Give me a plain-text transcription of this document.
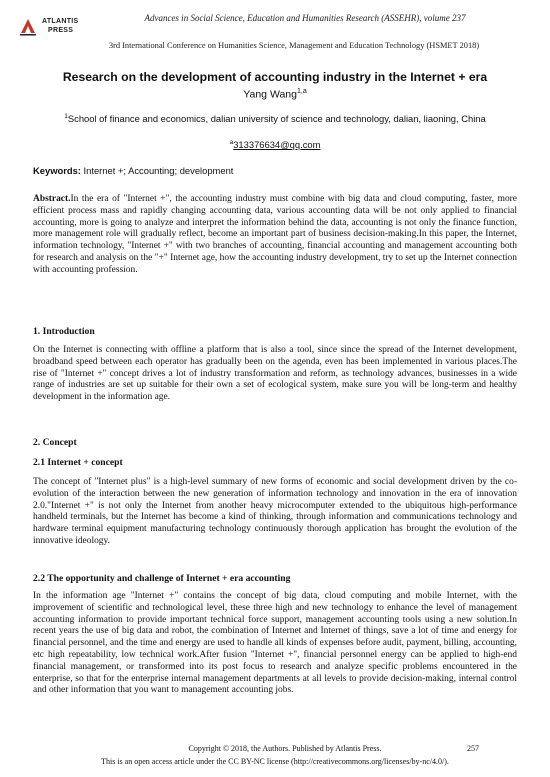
ATLANTIS
PRESS
Advances in Social Science, Education and Humanities Research (ASSEHR), volume 237
3rd International Conference on Humanities Science, Management and Education Technology (HSMET 2018)
Research on the development of accounting industry in the Internet + era
Yang Wang$^{1,a}$
$^1$School of finance and economics, dalian university of science and technology, dalian, liaoning, China
$^a$313376634@qq.com
Keywords: Internet +; Accounting; development
Abstract.In the era of "Internet +", the accounting industry must combine with big data and cloud computing, faster, more efficient process mass and rapidly changing accounting data, various accounting data will be not only applied to financial accounting, more is going to analyze and interpret the information behind the data, accounting is not only the finance function, more management role will gradually reflect, become an important part of business decision-making.In this paper, the Internet, information technology, "Internet +" with two branches of accounting, financial accounting and management accounting both for research and analysis on the "+" Internet age, how the accounting industry development, try to set up the Internet connection with accounting profession.
1. Introduction
On the Internet is connecting with offline a platform that is also a tool, since since the spread of the Internet development, broadband speed between each operator has gradually been on the agenda, even has been implemented in various places.The rise of "Internet +" concept drives a lot of industry transformation and reform, as technology advances, businesses in a wide range of industries are set up suitable for their own a set of ecological system, make sure you will be long-term and healthy development in the information age.
2. Concept
2.1 Internet + concept
The concept of "Internet plus" is a high-level summary of new forms of economic and social development driven by the co-evolution of the interaction between the new generation of information technology and innovation in the era of innovation 2.0."Internet +" is not only the Internet from another heavy microcomputer extended to the ubiquitous high-performance handheld terminals, but the Internet has become a kind of thinking, through information and communications technology and hardware terminal equipment manufacturing technology continuously thorough application has brought the evolution of the innovative ideology.
2.2 The opportunity and challenge of Internet + era accounting
In the information age "Internet +" contains the concept of big data, cloud computing and mobile Internet, with the improvement of scientific and technological level, these three high and new technology to enhance the level of management accounting information to provide important technical force support, management accounting tools using a new solution.In recent years the use of big data and robot, the combination of Internet and Internet of things, save a lot of time and energy for financial personnel, and the time and energy are used to handle all kinds of expenses before audit, payment, billing, accounting, etc high repeatability, low technical work.After fusion "Internet +", financial personnel energy can be applied to high-end financial management, or transformed into its post focus to research and analyze specific problems encountered in the enterprise, so that for the enterprise internal management departments at all levels to provide decision-making, internal control and other information that you want to management accounting jobs.
Copyright © 2018, the Authors. Published by Atlantis Press.	257
This is an open access article under the CC BY-NC license (http://creativecommons.org/licenses/by-nc/4.0/).
